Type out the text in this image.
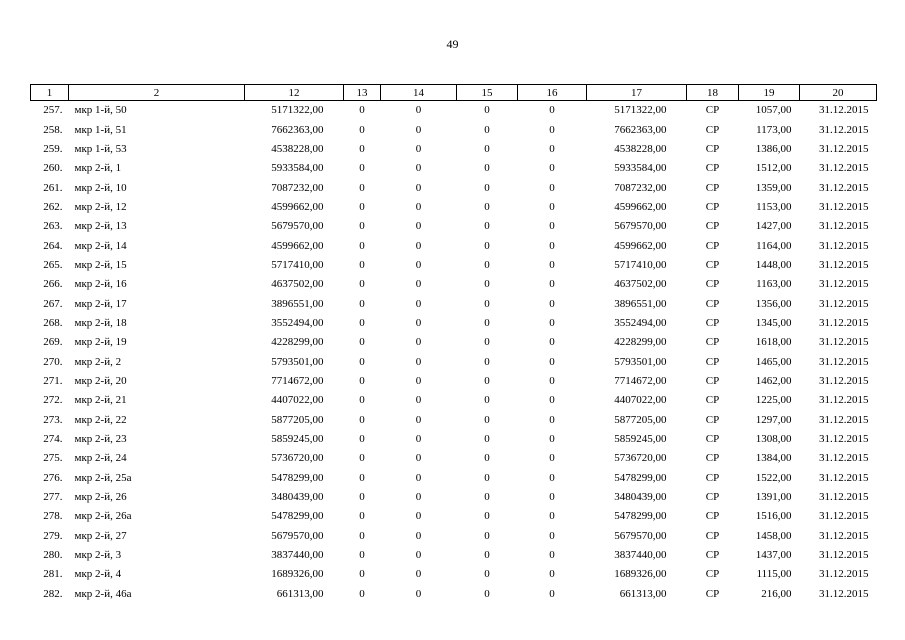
49
1	2	12	13	14	15	16	17	18	19	20
257.	мкр 1-й, 50	5171322,00	0	0	0	0	5171322,00	СР	1057,00	31.12.2015
258.	мкр 1-й, 51	7662363,00	0	0	0	0	7662363,00	СР	1173,00	31.12.2015
259.	мкр 1-й, 53	4538228,00	0	0	0	0	4538228,00	СР	1386,00	31.12.2015
260.	мкр 2-й, 1	5933584,00	0	0	0	0	5933584,00	СР	1512,00	31.12.2015
261.	мкр 2-й, 10	7087232,00	0	0	0	0	7087232,00	СР	1359,00	31.12.2015
262.	мкр 2-й, 12	4599662,00	0	0	0	0	4599662,00	СР	1153,00	31.12.2015
263.	мкр 2-й, 13	5679570,00	0	0	0	0	5679570,00	СР	1427,00	31.12.2015
264.	мкр 2-й, 14	4599662,00	0	0	0	0	4599662,00	СР	1164,00	31.12.2015
265.	мкр 2-й, 15	5717410,00	0	0	0	0	5717410,00	СР	1448,00	31.12.2015
266.	мкр 2-й, 16	4637502,00	0	0	0	0	4637502,00	СР	1163,00	31.12.2015
267.	мкр 2-й, 17	3896551,00	0	0	0	0	3896551,00	СР	1356,00	31.12.2015
268.	мкр 2-й, 18	3552494,00	0	0	0	0	3552494,00	СР	1345,00	31.12.2015
269.	мкр 2-й, 19	4228299,00	0	0	0	0	4228299,00	СР	1618,00	31.12.2015
270.	мкр 2-й, 2	5793501,00	0	0	0	0	5793501,00	СР	1465,00	31.12.2015
271.	мкр 2-й, 20	7714672,00	0	0	0	0	7714672,00	СР	1462,00	31.12.2015
272.	мкр 2-й, 21	4407022,00	0	0	0	0	4407022,00	СР	1225,00	31.12.2015
273.	мкр 2-й, 22	5877205,00	0	0	0	0	5877205,00	СР	1297,00	31.12.2015
274.	мкр 2-й, 23	5859245,00	0	0	0	0	5859245,00	СР	1308,00	31.12.2015
275.	мкр 2-й, 24	5736720,00	0	0	0	0	5736720,00	СР	1384,00	31.12.2015
276.	мкр 2-й, 25а	5478299,00	0	0	0	0	5478299,00	СР	1522,00	31.12.2015
277.	мкр 2-й, 26	3480439,00	0	0	0	0	3480439,00	СР	1391,00	31.12.2015
278.	мкр 2-й, 26а	5478299,00	0	0	0	0	5478299,00	СР	1516,00	31.12.2015
279.	мкр 2-й, 27	5679570,00	0	0	0	0	5679570,00	СР	1458,00	31.12.2015
280.	мкр 2-й, 3	3837440,00	0	0	0	0	3837440,00	СР	1437,00	31.12.2015
281.	мкр 2-й, 4	1689326,00	0	0	0	0	1689326,00	СР	1115,00	31.12.2015
282.	мкр 2-й, 46а	661313,00	0	0	0	0	661313,00	СР	216,00	31.12.2015
